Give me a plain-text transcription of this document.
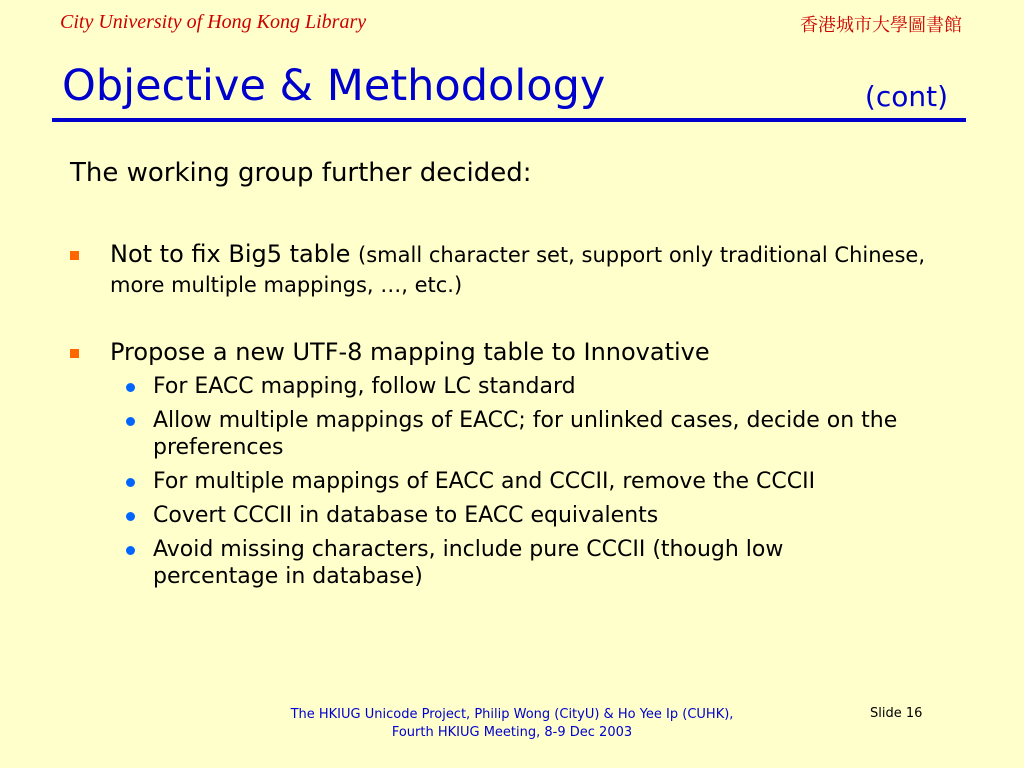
City University of Hong Kong Library	香港城市大學圖書館
Objective & Methodology	(cont)
The working group further decided:
Not to fix Big5 table (small character set, support only traditional Chinese, more multiple mappings, …, etc.)
Propose a new UTF-8 mapping table to Innovative
For EACC mapping, follow LC standard
Allow multiple mappings of EACC; for unlinked cases, decide on the preferences
For multiple mappings of EACC and CCCII, remove the CCCII
Covert CCCII in database to EACC equivalents
Avoid missing characters, include pure CCCII (though low percentage in database)
The HKIUG Unicode Project, Philip Wong (CityU) & Ho Yee Ip (CUHK),
Fourth HKIUG Meeting, 8-9 Dec 2003
Slide 16
